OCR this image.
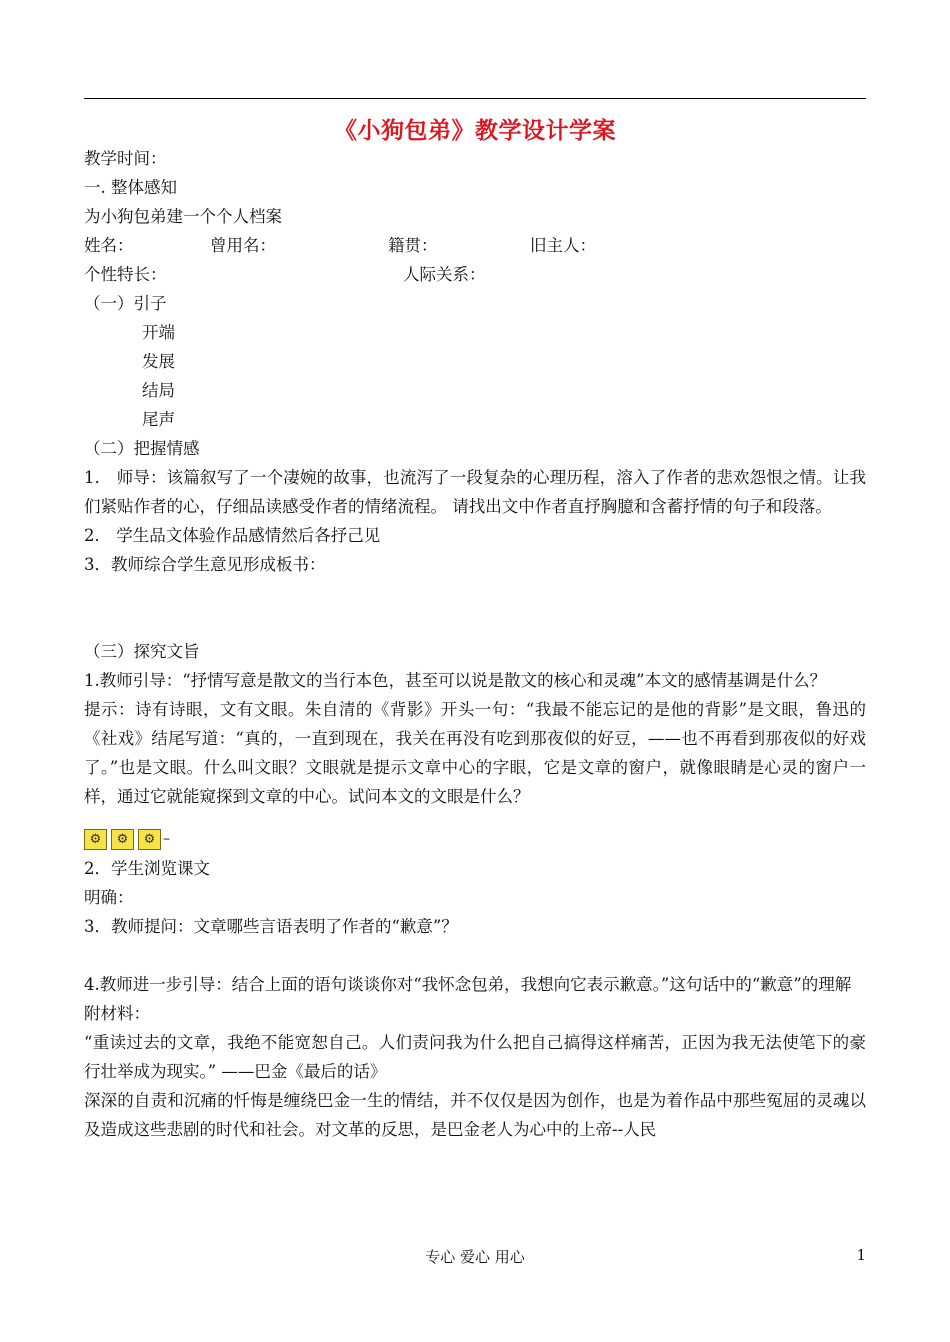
《小狗包弟》教学设计学案

教学时间：

一. 整体感知

为小狗包弟建一个个人档案

姓名：	曾用名：	籍贯：	旧主人：
个性特长：	人际关系：

（一）引子

开端

发展

结局

尾声

（二）把握情感

1． 师导：该篇叙写了一个凄婉的故事，也流泻了一段复杂的心理历程，溶入了作者的悲欢怨恨之情。让我们紧贴作者的心，仔细品读感受作者的情绪流程。 请找出文中作者直抒胸臆和含蓄抒情的句子和段落。

2． 学生品文体验作品感情然后各抒己见

3．教师综合学生意见形成板书：

（三）探究文旨

1.教师引导：“抒情写意是散文的当行本色，甚至可以说是散文的核心和灵魂”本文的感情基调是什么？

提示：诗有诗眼，文有文眼。朱自清的《背影》开头一句：“我最不能忘记的是他的背影”是文眼，鲁迅的《社戏》结尾写道：“真的，一直到现在，我关在再没有吃到那夜似的好豆，——也不再看到那夜似的好戏了。”也是文眼。什么叫文眼？文眼就是提示文章中心的字眼，它是文章的窗户，就像眼睛是心灵的窗户一样，通过它就能窥探到文章的中心。试问本文的文眼是什么？

⚙	⚙	⚙ –

2．学生浏览课文

明确：

3．教师提问：文章哪些言语表明了作者的“歉意”？

4.教师进一步引导：结合上面的语句谈谈你对“我怀念包弟，我想向它表示歉意。”这句话中的“歉意”的理解

附材料：

“重读过去的文章，我绝不能宽恕自己。人们责问我为什么把自己搞得这样痛苦，正因为我无法使笔下的豪行壮举成为现实。” ——巴金《最后的话》

深深的自责和沉痛的忏悔是缠绕巴金一生的情结，并不仅仅是因为创作，也是为着作品中那些冤屈的灵魂以及造成这些悲剧的时代和社会。对文革的反思，是巴金老人为心中的上帝--人民

专心 爱心 用心	1
